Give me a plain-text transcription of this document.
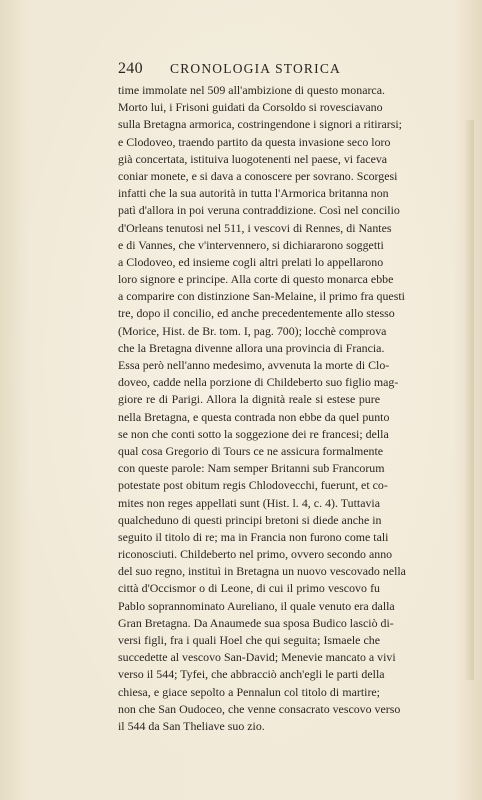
240 CRONOLOGIA STORICA
time immolate nel 509 all'ambizione di questo monarca.
Morto lui, i Frisoni guidati da Corsoldo si rovesciavano
sulla Bretagna armorica, costringendone i signori a ritirarsi;
e Clodoveo, traendo partito da questa invasione seco loro
già concertata, istituiva luogotenenti nel paese, vi faceva
coniar monete, e si dava a conoscere per sovrano. Scorgesi
infatti che la sua autorità in tutta l'Armorica britanna non
patì d'allora in poi veruna contraddizione. Così nel concilio
d'Orleans tenutosi nel 511, i vescovi di Rennes, di Nantes
e di Vannes, che v'intervennero, si dichiararono soggetti
a Clodoveo, ed insieme cogli altri prelati lo appellarono
loro signore e principe. Alla corte di questo monarca ebbe
a comparire con distinzione San-Melaine, il primo fra questi
tre, dopo il concilio, ed anche precedentemente allo stesso
(Morice, Hist. de Br. tom. I, pag. 700); locchè comprova
che la Bretagna divenne allora una provincia di Francia.
Essa però nell'anno medesimo, avvenuta la morte di Clo-
doveo, cadde nella porzione di Childeberto suo figlio mag-
giore re di Parigi. Allora la dignità reale si estese pure
nella Bretagna, e questa contrada non ebbe da quel punto
se non che conti sotto la soggezione dei re francesi; della
qual cosa Gregorio di Tours ce ne assicura formalmente
con queste parole: Nam semper Britanni sub Francorum
potestate post obitum regis Chlodovecchi, fuerunt, et co-
mites non reges appellati sunt (Hist. l. 4, c. 4). Tuttavia
qualcheduno di questi principi bretoni si diede anche in
seguito il titolo di re; ma in Francia non furono come tali
riconosciuti. Childeberto nel primo, ovvero secondo anno
del suo regno, instituì in Bretagna un nuovo vescovado nella
città d'Occismor o di Leone, di cui il primo vescovo fu
Pablo soprannominato Aureliano, il quale venuto era dalla
Gran Bretagna. Da Anaumede sua sposa Budico lasciò di-
versi figli, fra i quali Hoel che qui seguita; Ismaele che
succedette al vescovo San-David; Menevie mancato a vivi
verso il 544; Tyfei, che abbracciò anch'egli le parti della
chiesa, e giace sepolto a Pennalun col titolo di martire;
non che San Oudoceo, che venne consacrato vescovo verso
il 544 da San Theliave suo zio.
